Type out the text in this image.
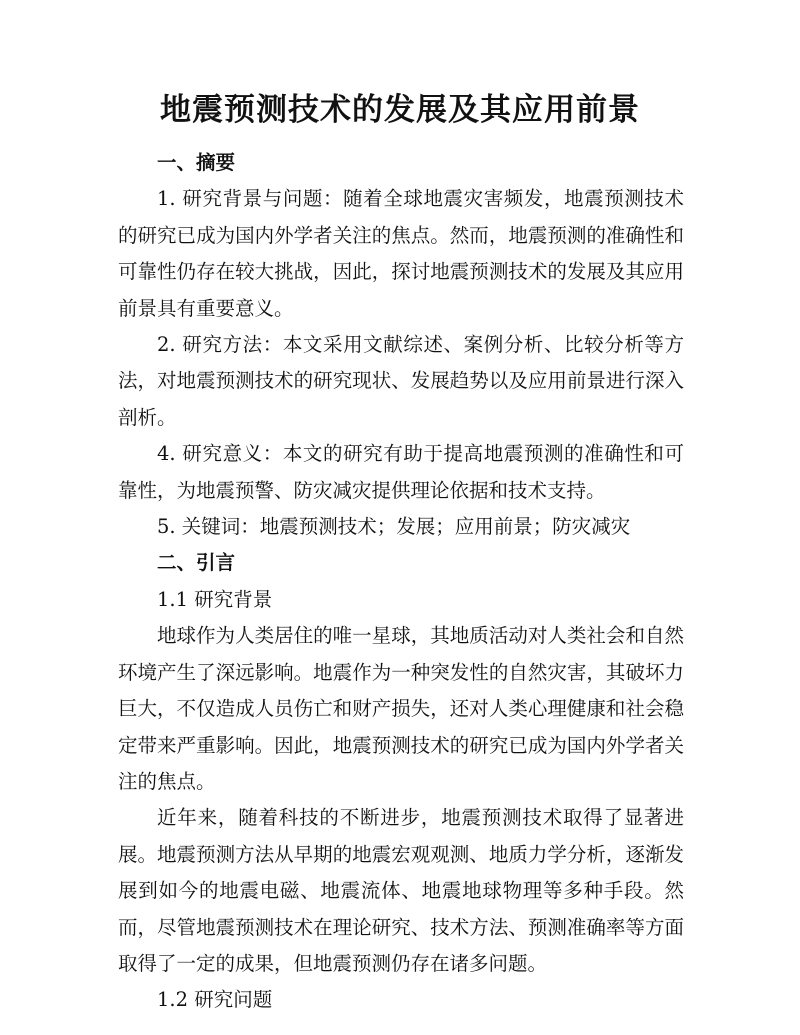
地震预测技术的发展及其应用前景

一、摘要

1. 研究背景与问题：随着全球地震灾害频发，地震预测技术的研究已成为国内外学者关注的焦点。然而，地震预测的准确性和可靠性仍存在较大挑战，因此，探讨地震预测技术的发展及其应用前景具有重要意义。

2. 研究方法：本文采用文献综述、案例分析、比较分析等方法，对地震预测技术的研究现状、发展趋势以及应用前景进行深入剖析。

4. 研究意义：本文的研究有助于提高地震预测的准确性和可靠性，为地震预警、防灾减灾提供理论依据和技术支持。

5. 关键词：地震预测技术；发展；应用前景；防灾减灾

二、引言

1.1 研究背景

地球作为人类居住的唯一星球，其地质活动对人类社会和自然环境产生了深远影响。地震作为一种突发性的自然灾害，其破坏力巨大，不仅造成人员伤亡和财产损失，还对人类心理健康和社会稳定带来严重影响。因此，地震预测技术的研究已成为国内外学者关注的焦点。

近年来，随着科技的不断进步，地震预测技术取得了显著进展。地震预测方法从早期的地震宏观观测、地质力学分析，逐渐发展到如今的地震电磁、地震流体、地震地球物理等多种手段。然而，尽管地震预测技术在理论研究、技术方法、预测准确率等方面取得了一定的成果，但地震预测仍存在诸多问题。

1.2 研究问题
